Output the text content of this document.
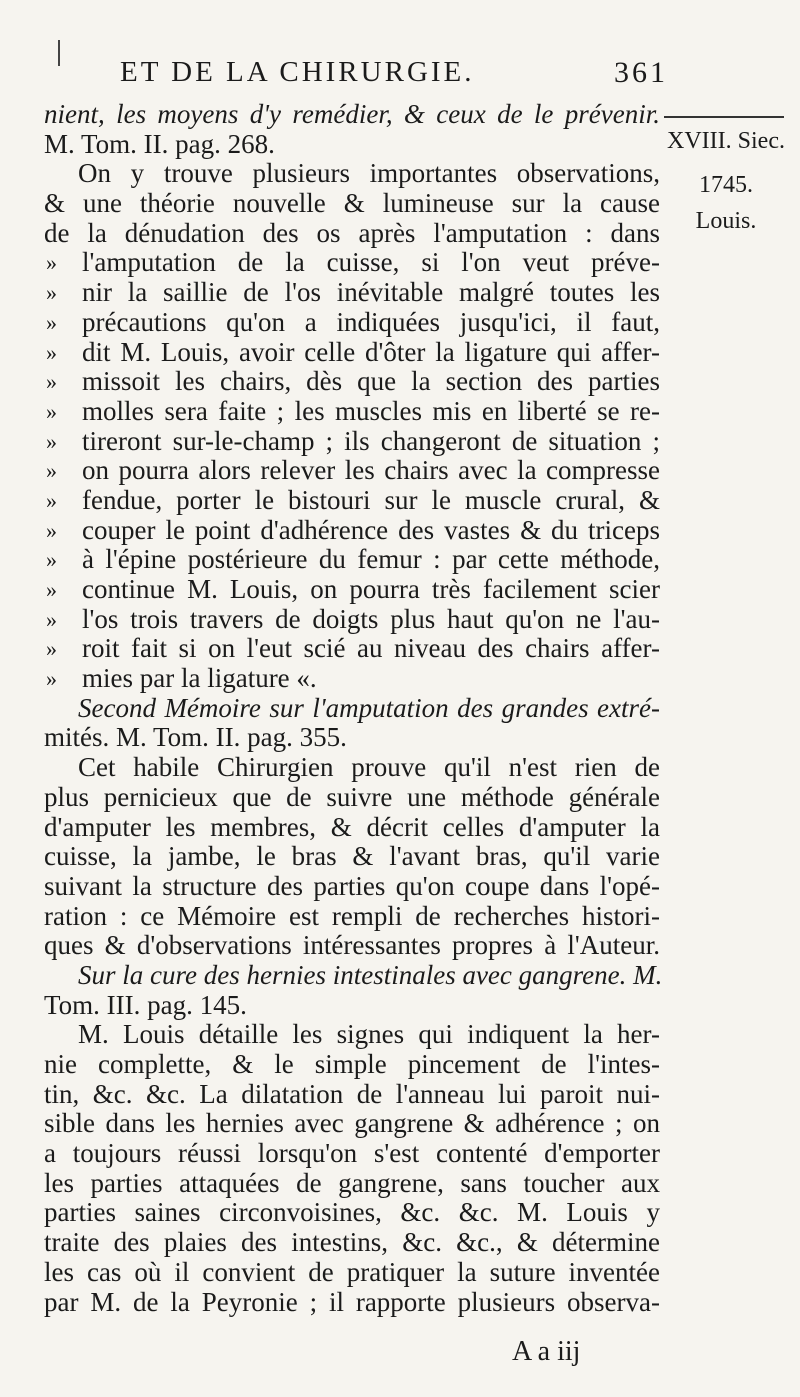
ET DE LA CHIRURGIE.	361
XVIII. Siec.
1745.
Louis.
nient, les moyens d'y remédier, & ceux de le prévenir.
M. Tom. II. pag. 268.
On y trouve plusieurs importantes observations,
& une théorie nouvelle & lumineuse sur la cause
de la dénudation des os après l'amputation : dans
» l'amputation de la cuisse, si l'on veut préve-
» nir la saillie de l'os inévitable malgré toutes les
» précautions qu'on a indiquées jusqu'ici, il faut,
» dit M. Louis, avoir celle d'ôter la ligature qui affer-
» missoit les chairs, dès que la section des parties
» molles sera faite ; les muscles mis en liberté se re-
» tireront sur-le-champ ; ils changeront de situation ;
» on pourra alors relever les chairs avec la compresse
» fendue, porter le bistouri sur le muscle crural, &
» couper le point d'adhérence des vastes & du triceps
» à l'épine postérieure du femur : par cette méthode,
» continue M. Louis, on pourra très facilement scier
» l'os trois travers de doigts plus haut qu'on ne l'au-
» roit fait si on l'eut scié au niveau des chairs affer-
» mies par la ligature «.
Second Mémoire sur l'amputation des grandes extré-
mités. M. Tom. II. pag. 355.
Cet habile Chirurgien prouve qu'il n'est rien de
plus pernicieux que de suivre une méthode générale
d'amputer les membres, & décrit celles d'amputer la
cuisse, la jambe, le bras & l'avant bras, qu'il varie
suivant la structure des parties qu'on coupe dans l'opé-
ration : ce Mémoire est rempli de recherches histori-
ques & d'observations intéressantes propres à l'Auteur.
Sur la cure des hernies intestinales avec gangrene. M.
Tom. III. pag. 145.
M. Louis détaille les signes qui indiquent la her-
nie complette, & le simple pincement de l'intes-
tin, &c. &c. La dilatation de l'anneau lui paroit nui-
sible dans les hernies avec gangrene & adhérence ; on
a toujours réussi lorsqu'on s'est contenté d'emporter
les parties attaquées de gangrene, sans toucher aux
parties saines circonvoisines, &c. &c. M. Louis y
traite des plaies des intestins, &c. &c., & détermine
les cas où il convient de pratiquer la suture inventée
par M. de la Peyronie ; il rapporte plusieurs observa-
A a iij
